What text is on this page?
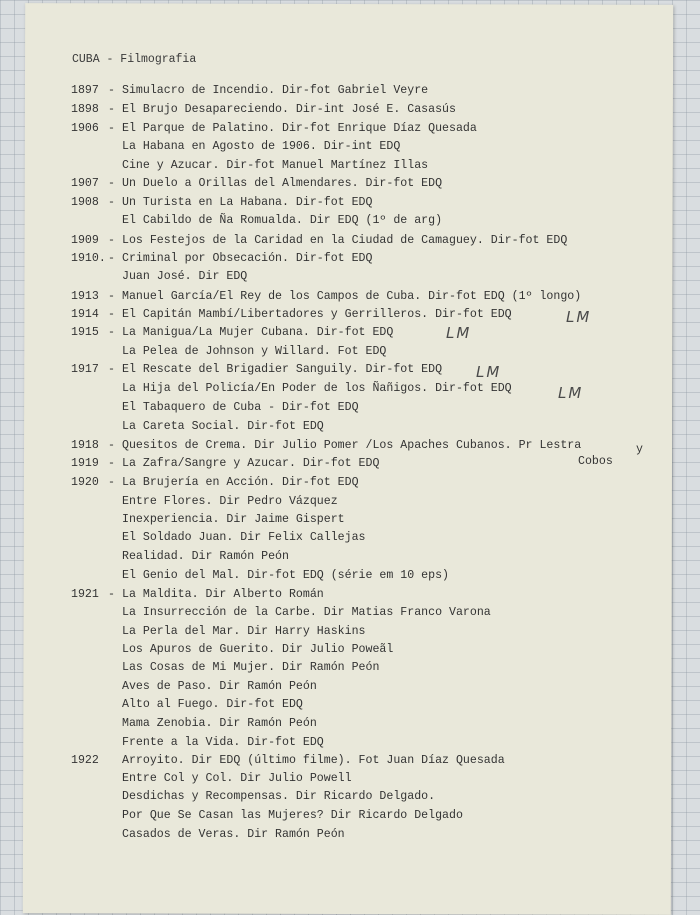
CUBA - Filmografia
1897 - Simulacro de Incendio. Dir-fot Gabriel Veyre
1898 - El Brujo Desapareciendo. Dir-int José E. Casasús
1906 - El Parque de Palatino. Dir-fot Enrique Díaz Quesada
La Habana en Agosto de 1906. Dir-int EDQ
Cine y Azucar. Dir-fot Manuel Martínez Illas
1907 - Un Duelo a Orillas del Almendares. Dir-fot EDQ
1908 - Un Turista en La Habana. Dir-fot EDQ
El Cabildo de Ña Romualda. Dir EDQ (1º de arg)
1909 - Los Festejos de la Caridad en la Ciudad de Camaguey. Dir-fot EDQ
1910. - Criminal por Obsecación. Dir-fot EDQ
Juan José. Dir EDQ
1913 - Manuel García/El Rey de los Campos de Cuba. Dir-fot EDQ (1º longo)
1914 - El Capitán Mambí/Libertadores y Gerrilleros. Dir-fot EDQ
1915 - La Manigua/La Mujer Cubana. Dir-fot EDQ
La Pelea de Johnson y Willard. Fot EDQ
1917 - El Rescate del Brigadier Sanguily. Dir-fot EDQ
La Hija del Policía/En Poder de los Ñañigos. Dir-fot EDQ
El Tabaquero de Cuba - Dir-fot EDQ
La Careta Social. Dir-fot EDQ
1918 - Quesitos de Crema. Dir Julio Pomer /Los Apaches Cubanos. Pr Lestra
1919 - La Zafra/Sangre y Azucar. Dir-fot EDQ
1920 - La Brujería en Acción. Dir-fot EDQ
Entre Flores. Dir Pedro Vázquez
Inexperiencia. Dir Jaime Gispert
El Soldado Juan. Dir Felix Callejas
Realidad. Dir Ramón Peón
El Genio del Mal. Dir-fot EDQ (série em 10 eps)
1921 - La Maldita. Dir Alberto Román
La Insurrección de la Carbe. Dir Matias Franco Varona
La Perla del Mar. Dir Harry Haskins
Los Apuros de Guerito. Dir Julio Poweãl
Las Cosas de Mi Mujer. Dir Ramón Peón
Aves de Paso. Dir Ramón Peón
Alto al Fuego. Dir-fot EDQ
Mama Zenobia. Dir Ramón Peón
Frente a la Vida. Dir-fot EDQ
1922 Arroyito. Dir EDQ (último filme). Fot Juan Díaz Quesada
Entre Col y Col. Dir Julio Powell
Desdichas y Recompensas. Dir Ricardo Delgado.
Por Que Se Casan las Mujeres? Dir Ricardo Delgado
Casados de Veras. Dir Ramón Peón
y
Cobos
LM
LM
LM
LM
